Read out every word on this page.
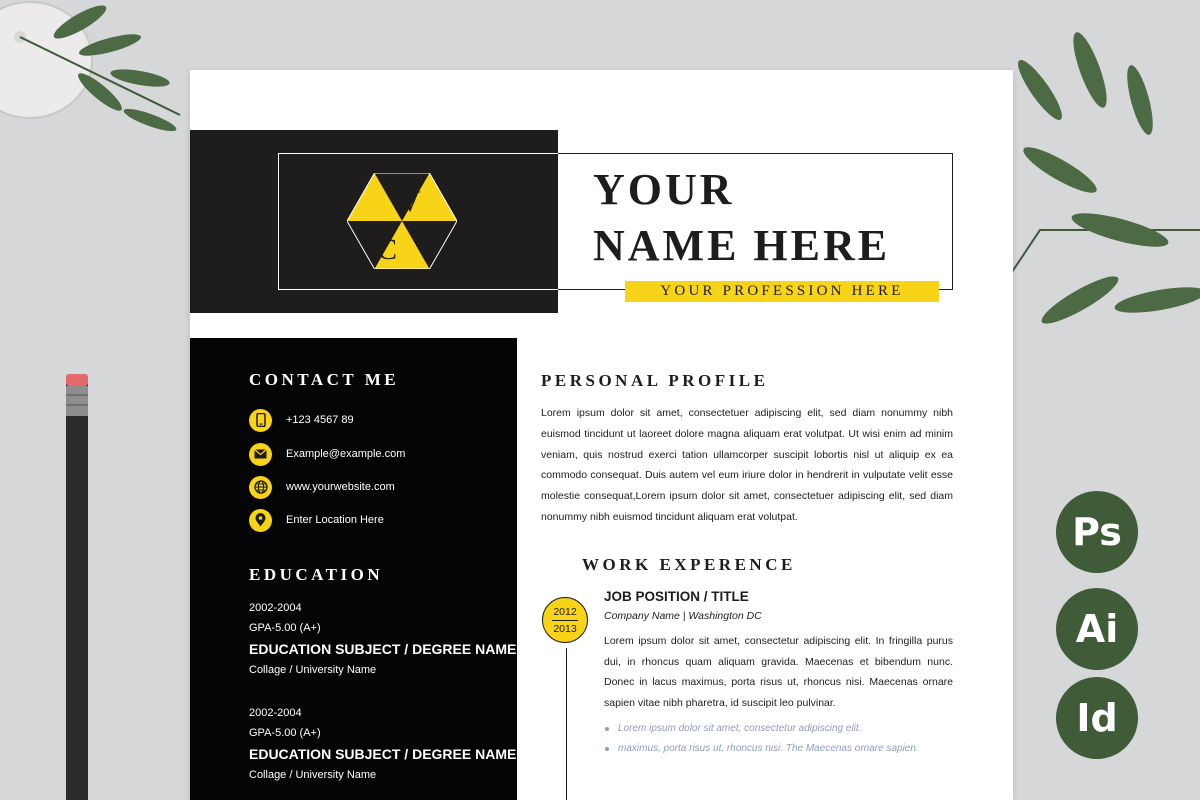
V
C
YOUR
NAME HERE
YOUR PROFESSION HERE
CONTACT ME
+123 4567 89
Example@example.com
www.yourwebsite.com
Enter Location Here
EDUCATION
2002-2004
GPA-5.00 (A+)
EDUCATION SUBJECT / DEGREE NAME
Collage / University Name
2002-2004
GPA-5.00 (A+)
EDUCATION SUBJECT / DEGREE NAME
Collage / University Name
PERSONAL PROFILE

Lorem ipsum dolor sit amet, consectetuer adipiscing elit, sed diam nonummy nibh euismod tincidunt ut laoreet dolore magna aliquam erat volutpat. Ut wisi enim ad minim veniam, quis nostrud exerci tation ullamcorper suscipit lobortis nisl ut aliquip ex ea commodo consequat. Duis autem vel eum iriure dolor in hendrerit in vulputate velit esse molestie consequat,Lorem ipsum dolor sit amet, consectetuer adipiscing elit, sed diam nonummy nibh euismod tincidunt aliquam erat volutpat.

WORK EXPERENCE
2012
2013
JOB POSITION / TITLE
Company Name | Washington DC

Lorem ipsum dolor sit amet, consectetur adipiscing elit. In fringilla purus dui, in rhoncus quam aliquam gravida. Maecenas et bibendum nunc. Donec in lacus maximus, porta risus ut, rhoncus nisi. Maecenas ornare sapien vitae nibh pharetra, id suscipit leo pulvinar.

Lorem ipsum dolor sit amet, consectetur adipiscing elit.
maximus, porta risus ut, rhoncus nisi. The Maecenas ornare sapien.
Ps
Ai
Id
